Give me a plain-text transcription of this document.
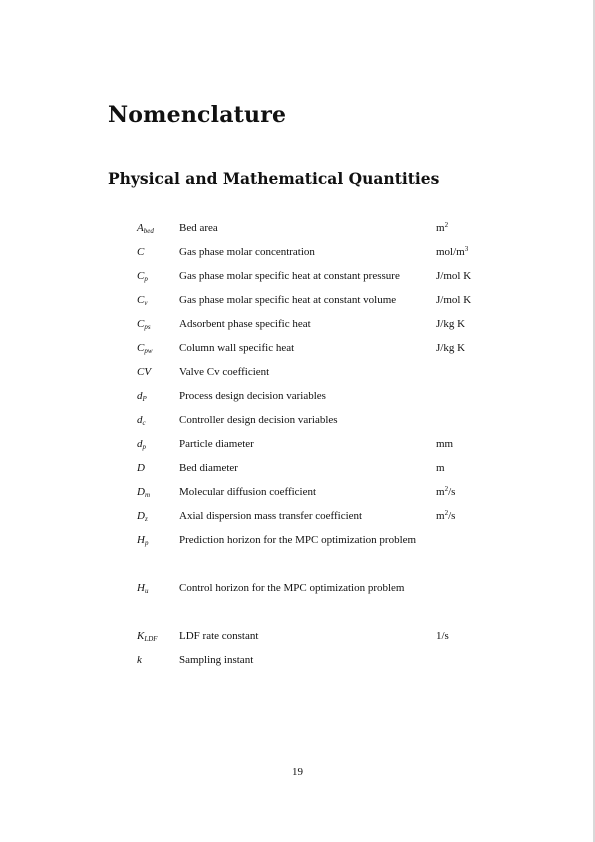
Nomenclature
Physical and Mathematical Quantities
$A_{bed}$	Bed area	$m^2$
C	Gas phase molar concentration	mol/$m^3$
$C_p$	Gas phase molar specific heat at constant pressure	J/mol K
$C_v$	Gas phase molar specific heat at constant volume	J/mol K
$C_{ps}$	Adsorbent phase specific heat	J/kg K
$C_{pw}$	Column wall specific heat	J/kg K
CV	Valve Cv coefficient
$d_P$	Process design decision variables
$d_c$	Controller design decision variables
$d_p$	Particle diameter	mm
D	Bed diameter	m
$D_m$	Molecular diffusion coefficient	$m^2/s$
$D_z$	Axial dispersion mass transfer coefficient	$m^2/s$
$H_p$	Prediction horizon for the MPC optimization problem
$H_u$	Control horizon for the MPC optimization problem
$K_{LDF}$	LDF rate constant	1/s
k	Sampling instant
19
